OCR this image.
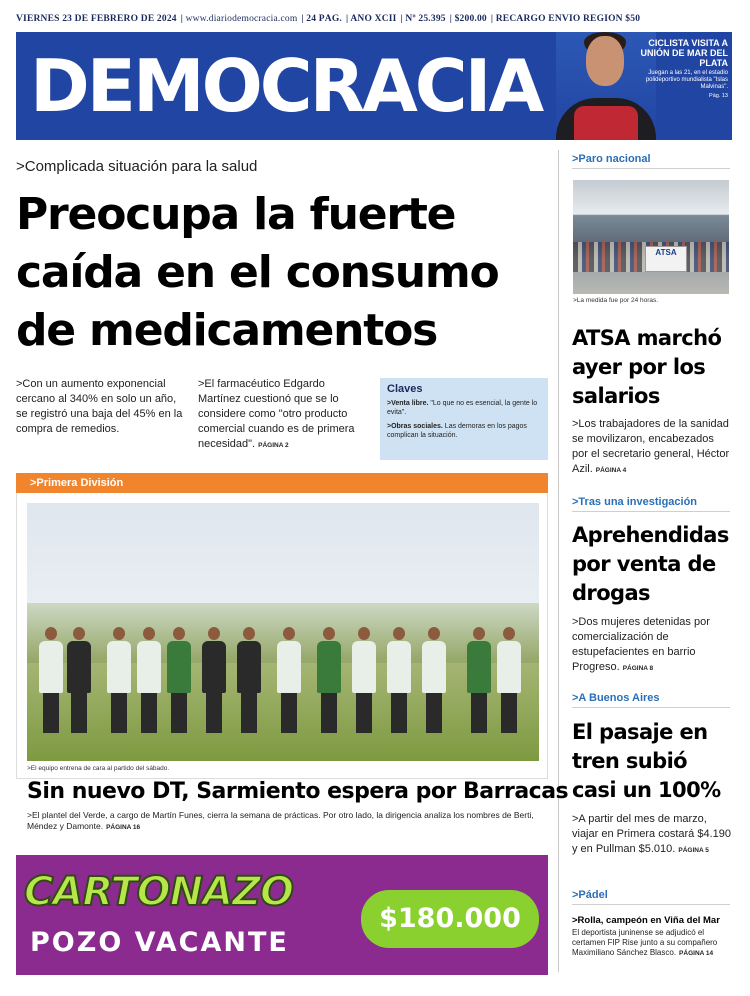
VIERNES 23 DE FEBRERO DE 2024 | www.diariodemocracia.com | 24 PÁG. | AÑO XCII | Nº 25.395 | $200.00 | RECARGO ENVÍO REGIÓN $50
DEMOCRACIA
CICLISTA VISITA A UNIÓN DE MAR DEL PLATA
Juegan a las 21, en el estadio polideportivo mundialista "Islas Malvinas".
Pág. 13
>Complicada situación para la salud
Preocupa la fuerte caída en el consumo de medicamentos
>Con un aumento exponencial cercano al 340% en solo un año, se registró una baja del 45% en la compra de remedios.
>El farmacéutico Edgardo Martínez cuestionó que se lo considere como "otro producto comercial cuando es de primera necesidad". PÁGINA 2
Claves
>Venta libre. "Lo que no es esencial, la gente lo evita".
>Obras sociales. Las demoras en los pagos complican la situación.
>Primera División
>El equipo entrena de cara al partido del sábado.
Sin nuevo DT, Sarmiento espera por Barracas
>El plantel del Verde, a cargo de Martín Funes, cierra la semana de prácticas. Por otro lado, la dirigencia analiza los nombres de Berti, Méndez y Damonte. PÁGINA 16
CARTONAZO
POZO VACANTE
$180.000
>Paro nacional
ATSA
>La medida fue por 24 horas.
ATSA marchó ayer por los salarios
>Los trabajadores de la sanidad se movilizaron, encabezados por el secretario general, Héctor Azil. PÁGINA 4
>Tras una investigación
Aprehendidas por venta de drogas
>Dos mujeres detenidas por comercialización de estupefacientes en barrio Progreso. PÁGINA 8
>A Buenos Aires
El pasaje en tren subió casi un 100%
>A partir del mes de marzo, viajar en Primera costará $4.190 y en Pullman $5.010. PÁGINA 5
>Pádel
>Rolla, campeón en Viña del Mar
El deportista juninense se adjudicó el certamen FIP Rise junto a su compañero Maximiliano Sánchez Blasco. PÁGINA 14
